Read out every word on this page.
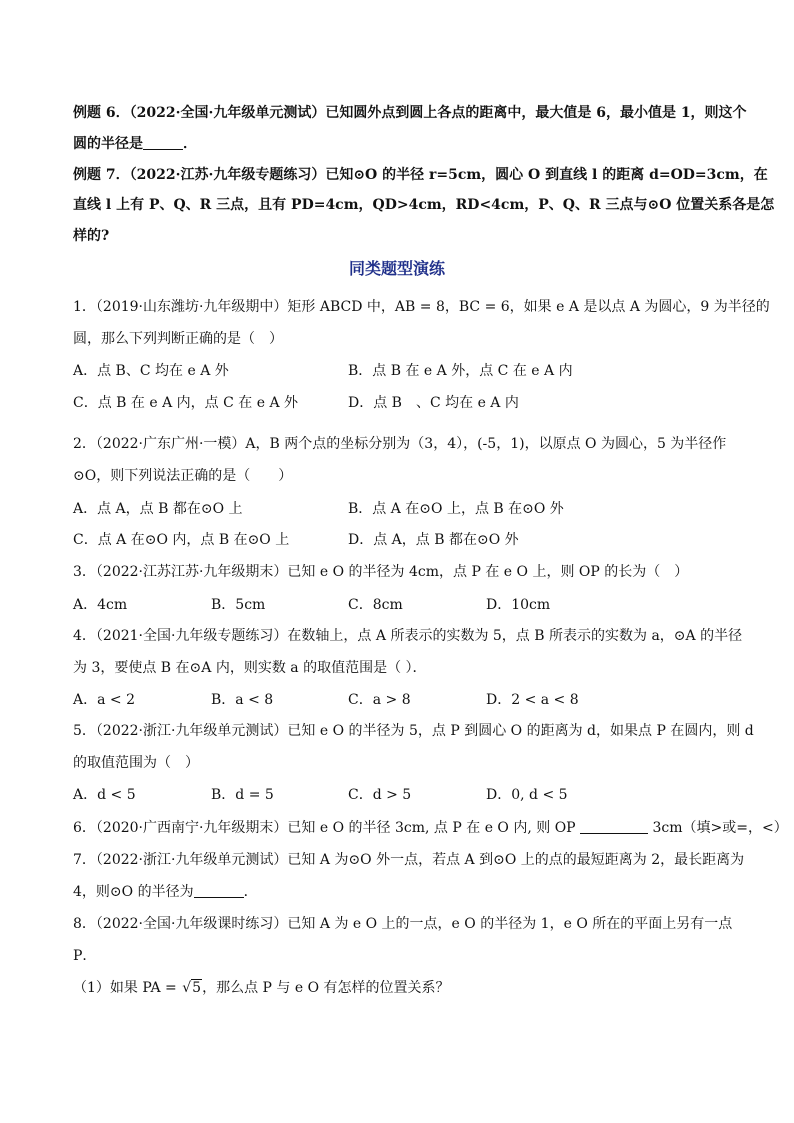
例题 6．（2022·全国·九年级单元测试）已知圆外点到圆上各点的距离中，最大值是 6，最小值是 1，则这个
圆的半径是	．
例题 7．（2022·江苏·九年级专题练习）已知⊙O 的半径 r=5cm，圆心 O 到直线 l 的距离 d=OD=3cm，在
直线 l 上有 P、Q、R 三点，且有 PD=4cm，QD>4cm，RD<4cm，P、Q、R 三点与⊙O 位置关系各是怎
样的?
同类题型演练
1．（2019·山东潍坊·九年级期中）矩形 ABCD 中，AB = 8，BC = 6，如果 e A 是以点 A 为圆心，9 为半径的
圆，那么下列判断正确的是（　）
A．点 B、C 均在 e A 外	B．点 B 在 e A 外，点 C 在 e A 内
C．点 B 在 e A 内，点 C 在 e A 外	D．点 B　、C 均在 e A 内
2．（2022·广东广州·一模）A，B 两个点的坐标分别为（3，4），(-5，1)，以原点 O 为圆心，5 为半径作
⊙O，则下列说法正确的是（　　）
A．点 A，点 B 都在⊙O 上	B．点 A 在⊙O 上，点 B 在⊙O 外
C．点 A 在⊙O 内，点 B 在⊙O 上	D．点 A，点 B 都在⊙O 外
3．（2022·江苏江苏·九年级期末）已知 e O 的半径为 4cm，点 P 在 e O 上，则 OP 的长为（　）
A．4cm	B．5cm	C．8cm	D．10cm
4．（2021·全国·九年级专题练习）在数轴上，点 A 所表示的实数为 5，点 B 所表示的实数为 a，⊙A 的半径
为 3，要使点 B 在⊙A 内，则实数 a 的取值范围是（ ）．
A．a < 2	B．a < 8	C．a > 8	D．2 < a < 8
5．（2022·浙江·九年级单元测试）已知 e O 的半径为 5，点 P 到圆心 O 的距离为 d，如果点 P 在圆内，则 d
的取值范围为（　）
A．d < 5	B．d = 5	C．d > 5	D．0, d < 5
6．（2020·广西南宁·九年级期末）已知 e O 的半径 3cm, 点 P 在 e O 内, 则 OP	3cm（填>或=，<）
7．（2022·浙江·九年级单元测试）已知 A 为⊙O 外一点，若点 A 到⊙O 上的点的最短距离为 2，最长距离为
4，则⊙O 的半径为	．
8．（2022·全国·九年级课时练习）已知 A 为 e O 上的一点，e O 的半径为 1，e O 所在的平面上另有一点
P．
（1）如果 PA = √5，那么点 P 与 e O 有怎样的位置关系？
